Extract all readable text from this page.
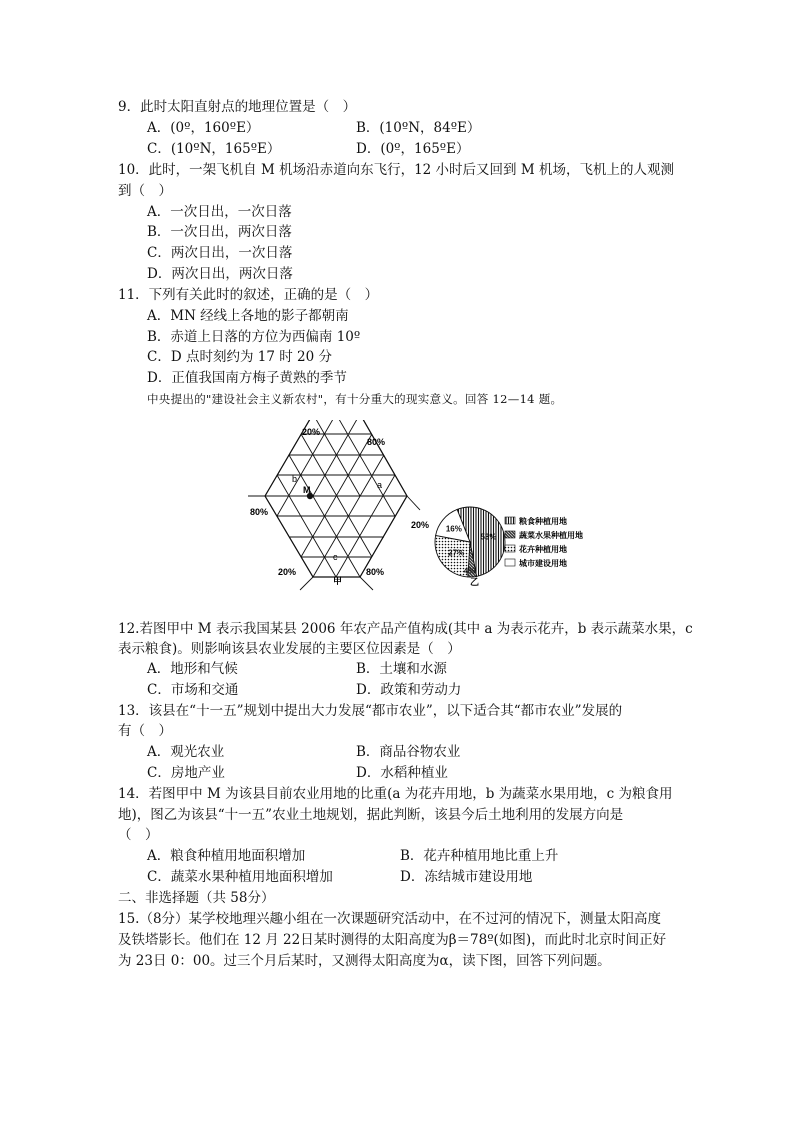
9．此时太阳直射点的地理位置是（　）
A．(0º，160ºE）	B．(10ºN，84ºE）
C．(10ºN，165ºE）	D．(0º，165ºE）
10．此时，一架飞机自 M 机场沿赤道向东飞行，12 小时后又回到 M 机场，飞机上的人观测
到（　）
A．一次日出，一次日落
B．一次日出，两次日落
C．两次日出，一次日落
D．两次日出，两次日落
11．下列有关此时的叙述，正确的是（　）
A．MN 经线上各地的影子都朝南
B．赤道上日落的方位为西偏南 10º
C．D 点时刻约为 17 时 20 分
D．正值我国南方梅子黄熟的季节
中央提出的"建设社会主义新农村"，有十分重大的现实意义。回答 12—14 题。
20%
80%
80%
20%
20%	80%
a
b
c
M
甲
53%
4%
27%
16%
粮食种植用地
蔬菜水果种植用地
花卉种植用地
城市建设用地
乙
12.若图甲中 M 表示我国某县 2006 年农产品产值构成(其中 a 为表示花卉，b 表示蔬菜水果，c
表示粮食)。则影响该县农业发展的主要区位因素是（　）
A．地形和气候	B．土壤和水源
C．市场和交通	D．政策和劳动力
13．该县在“十一五”规划中提出大力发展“都市农业”，以下适合其“都市农业”发展的
有（　）
A．观光农业	B．商品谷物农业
C．房地产业	D．水稻种植业
14．若图甲中 M 为该县目前农业用地的比重(a 为花卉用地，b 为蔬菜水果用地，c 为粮食用
地)，图乙为该县“十一五”农业土地规划，据此判断，该县今后土地利用的发展方向是
（　）
A．粮食种植用地面积增加	B．花卉种植用地比重上升
C．蔬菜水果种植用地面积增加	D．冻结城市建设用地
二、非选择题（共 58分）
15.（8分）某学校地理兴趣小组在一次课题研究活动中，在不过河的情况下，测量太阳高度
及铁塔影长。他们在 12 月 22日某时测得的太阳高度为β＝78º(如图)，而此时北京时间正好
为 23日 0：00。过三个月后某时，又测得太阳高度为α，读下图，回答下列问题。
